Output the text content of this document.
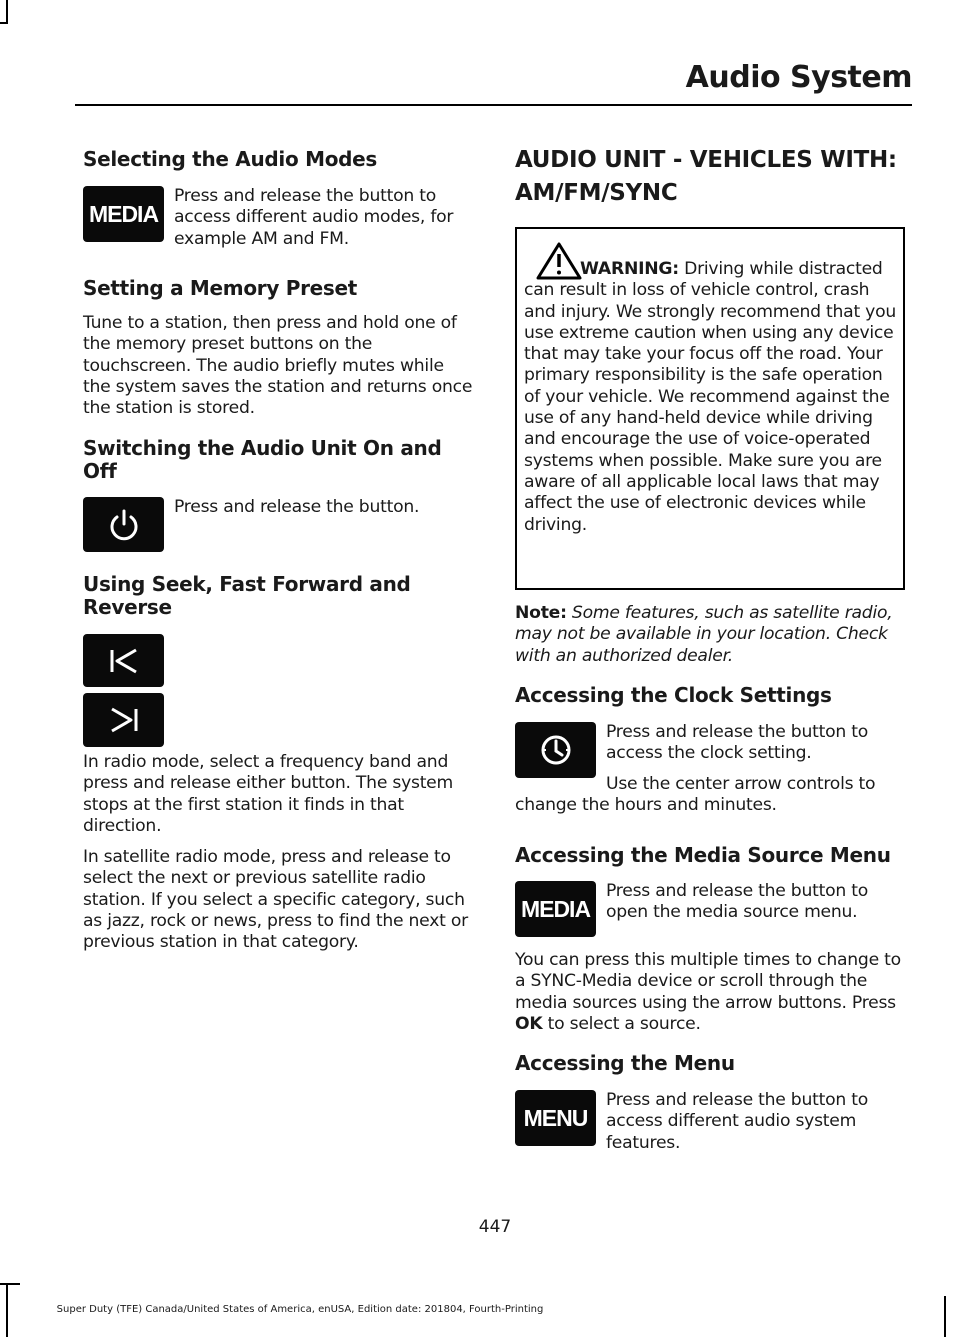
Audio System
Selecting the Audio Modes
MEDIA

Press and release the button to access different audio modes, for example AM and FM.

Setting a Memory Preset

Tune to a station, then press and hold one of the memory preset buttons on the touchscreen. The audio briefly mutes while the system saves the station and returns once the station is stored.

Switching the Audio Unit On and Off

Press and release the button.

Using Seek, Fast Forward and Reverse

In radio mode, select a frequency band and press and release either button. The system stops at the first station it finds in that direction.

In satellite radio mode, press and release to select the next or previous satellite radio station. If you select a specific category, such as jazz, rock or news, press to find the next or previous station in that category.

AUDIO UNIT - VEHICLES WITH:
AM/FM/SYNC

WARNING: Driving while distracted can result in loss of vehicle control, crash and injury. We strongly recommend that you use extreme caution when using any device that may take your focus off the road. Your primary responsibility is the safe operation of your vehicle. We recommend against the use of any hand-held device while driving and encourage the use of voice-operated systems when possible. Make sure you are aware of all applicable local laws that may affect the use of electronic devices while driving.

Note: Some features, such as satellite radio, may not be available in your location. Check with an authorized dealer.

Accessing the Clock Settings

Press and release the button to access the clock setting.

Use the center arrow controls to change the hours and minutes.

Accessing the Media Source Menu
MEDIA

Press and release the button to open the media source menu.

You can press this multiple times to change to a SYNC-Media device or scroll through the media sources using the arrow buttons. Press OK to select a source.

Accessing the Menu
MENU

Press and release the button to access different audio system features.

447
Super Duty (TFE) Canada/United States of America, enUSA, Edition date: 201804, Fourth-Printing
